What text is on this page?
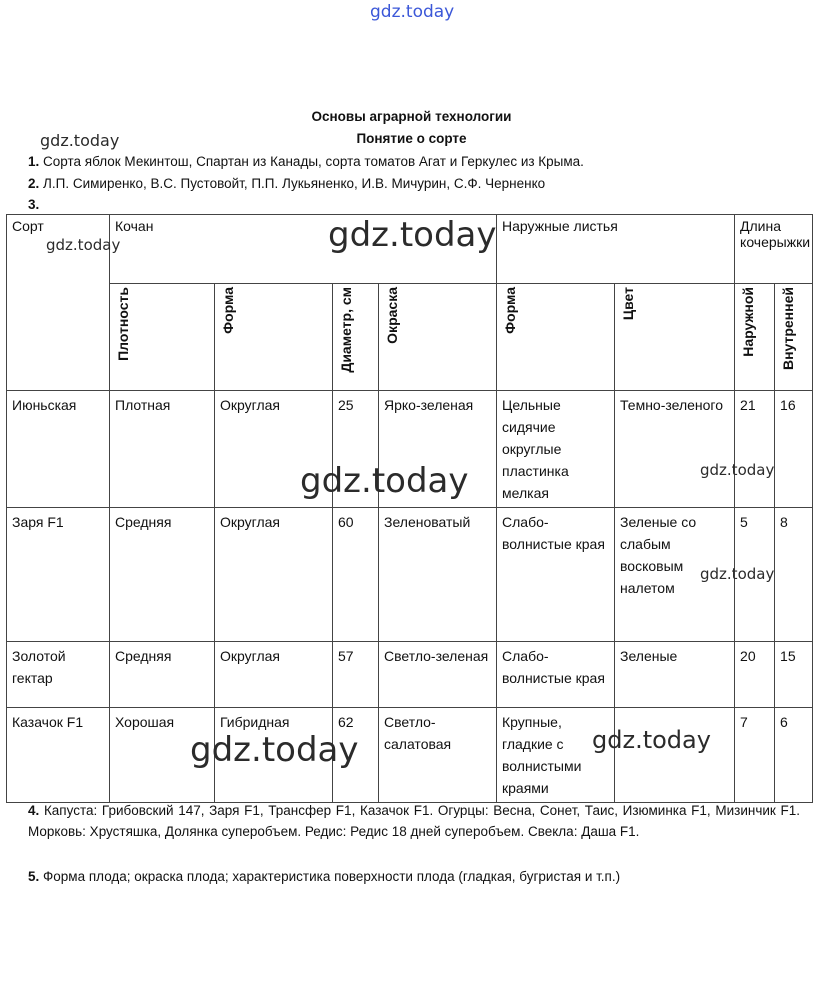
gdz.today
Основы аграрной технологии
Понятие о сорте
1. Сорта яблок Мекинтош, Спартан из Канады, сорта томатов Агат и Геркулес из Крыма.
2. Л.П. Симиренко, В.С. Пустовойт, П.П. Лукьяненко, И.В. Мичурин, С.Ф. Черненко
3.
Сорт	Кочан				Наружные листья		Длина кочерыжки	

	Плотность	Форма	Диаметр, см	Окраска	Форма	Цвет	Наружной	Внутренней

Июньская	Плотная	Округлая	25	Ярко-зеленая	Цельные сидячие округлые пластинка мелкая	Темно-зеленого	21	16
Заря F1	Средняя	Округлая	60	Зеленоватый	Слабо-волнистые края	Зеленые со слабым восковым налетом	5	8
Золотой гектар	Средняя	Округлая	57	Светло-зеленая	Слабо-волнистые края	Зеленые	20	15
Казачок F1	Хорошая	Гибридная	62	Светло-салатовая	Крупные, гладкие с волнистыми краями		7	6
4. Капуста: Грибовский 147, Заря F1, Трансфер F1, Казачок F1. Огурцы: Весна, Сонет, Таис, Изюминка F1, Мизинчик F1. Морковь: Хрустяшка, Долянка суперобъем. Редис: Редис 18 дней суперобъем. Свекла: Даша F1.
5. Форма плода; окраска плода; характеристика поверхности плода (гладкая, бугристая и т.п.)
gdz.today
gdz.today	gdz.today
gdz.today	gdz.today
gdz.today
gdz.today	gdz.today
